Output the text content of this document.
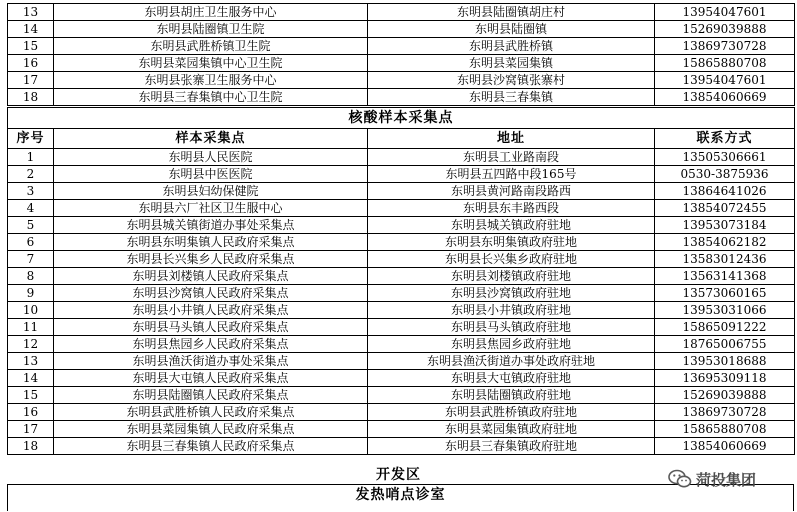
13	东明县胡庄卫生服务中心	东明县陆圈镇胡庄村	13954047601
14	东明县陆圈镇卫生院	东明县陆圈镇	15269039888
15	东明县武胜桥镇卫生院	东明县武胜桥镇	13869730728
16	东明县菜园集镇中心卫生院	东明县菜园集镇	15865880708
17	东明县张寨卫生服务中心	东明县沙窝镇张寨村	13954047601
18	东明县三春集镇中心卫生院	东明县三春集镇	13854060669
核酸样本采集点			
序号	样本采集点	地址	联系方式
1	东明县人民医院	东明县工业路南段	13505306661
2	东明县中医医院	东明县五四路中段165号	0530-3875936
3	东明县妇幼保健院	东明县黄河路南段路西	13864641026
4	东明县六厂社区卫生服中心	东明县东丰路西段	13854072455
5	东明县城关镇街道办事处采集点	东明县城关镇政府驻地	13953073184
6	东明县东明集镇人民政府采集点	东明县东明集镇政府驻地	13854062182
7	东明县长兴集乡人民政府采集点	东明县长兴集乡政府驻地	13583012436
8	东明县刘楼镇人民政府采集点	东明县刘楼镇政府驻地	13563141368
9	东明县沙窝镇人民政府采集点	东明县沙窝镇政府驻地	13573060165
10	东明县小井镇人民政府采集点	东明县小井镇政府驻地	13953031066
11	东明县马头镇人民政府采集点	东明县马头镇政府驻地	15865091222
12	东明县焦园乡人民政府采集点	东明县焦园乡政府驻地	18765006755
13	东明县渔沃街道办事处采集点	东明县渔沃街道办事处政府驻地	13953018688
14	东明县大屯镇人民政府采集点	东明县大屯镇政府驻地	13695309118
15	东明县陆圈镇人民政府采集点	东明县陆圈镇政府驻地	15269039888
16	东明县武胜桥镇人民政府采集点	东明县武胜桥镇政府驻地	13869730728
17	东明县菜园集镇人民政府采集点	东明县菜园集镇政府驻地	15865880708
18	东明县三春集镇人民政府采集点	东明县三春集镇政府驻地	13854060669
开发区
发热哨点诊室
菏投集团
